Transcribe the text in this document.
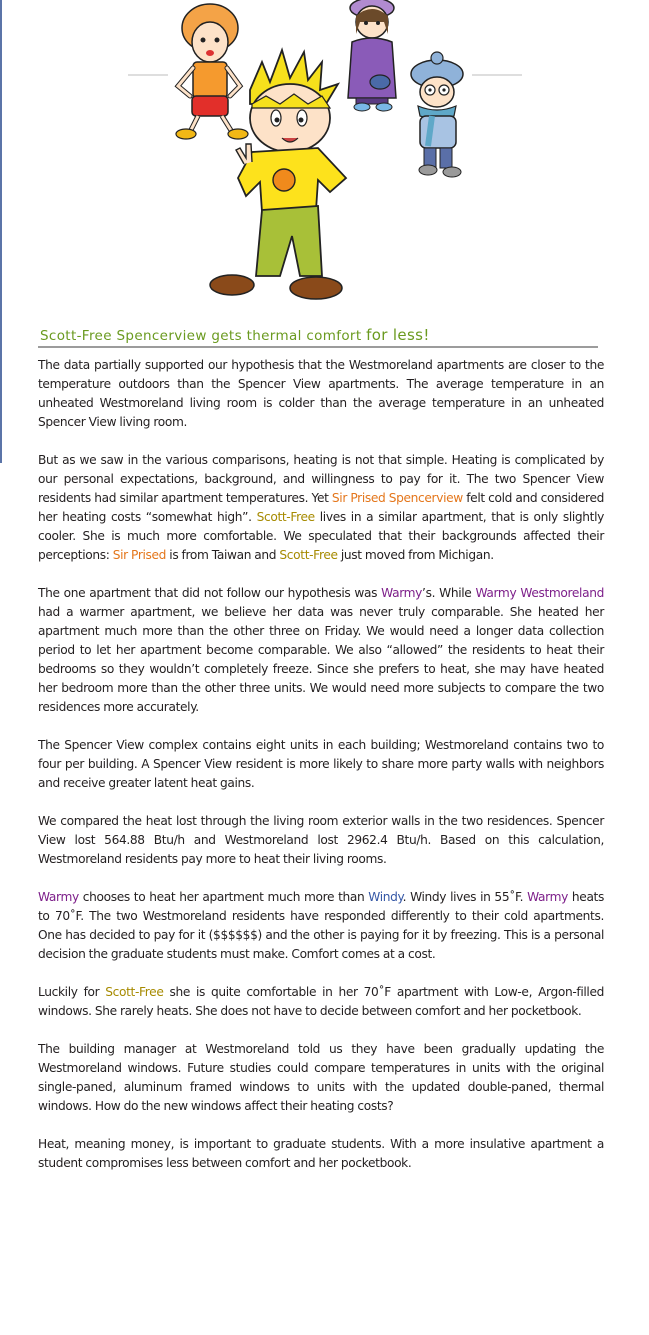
Scott-Free Spencerview gets thermal comfort for less!

The data partially supported our hypothesis that the Westmoreland apartments are closer to the temperature outdoors than the Spencer View apartments. The average temperature in an unheated Westmoreland living room is colder than the average temperature in an unheated Spencer View living room.

But as we saw in the various comparisons, heating is not that simple. Heating is complicated by our personal expectations, background, and willingness to pay for it. The two Spencer View residents had similar apartment temperatures. Yet Sir Prised Spencerview felt cold and considered her heating costs “somewhat high”. Scott-Free lives in a similar apartment, that is only slightly cooler. She is much more comfortable. We speculated that their backgrounds affected their perceptions: Sir Prised is from Taiwan and Scott-Free just moved from Michigan.

The one apartment that did not follow our hypothesis was Warmy’s. While Warmy Westmoreland had a warmer apartment, we believe her data was never truly comparable. She heated her apartment much more than the other three on Friday. We would need a longer data collection period to let her apartment become comparable. We also “allowed” the residents to heat their bedrooms so they wouldn’t completely freeze. Since she prefers to heat, she may have heated her bedroom more than the other three units. We would need more subjects to compare the two residences more accurately.

The Spencer View complex contains eight units in each building; Westmoreland contains two to four per building. A Spencer View resident is more likely to share more party walls with neighbors and receive greater latent heat gains.

We compared the heat lost through the living room exterior walls in the two residences. Spencer View lost 564.88 Btu/h and Westmoreland lost 2962.4 Btu/h. Based on this calculation, Westmoreland residents pay more to heat their living rooms.

Warmy chooses to heat her apartment much more than Windy. Windy lives in 55˚F. Warmy heats to 70˚F. The two Westmoreland residents have responded differently to their cold apartments. One has decided to pay for it ($$$$$$) and the other is paying for it by freezing. This is a personal decision the graduate students must make. Comfort comes at a cost.

Luckily for Scott-Free she is quite comfortable in her 70˚F apartment with Low-e, Argon-filled windows. She rarely heats. She does not have to decide between comfort and her pocketbook.

The building manager at Westmoreland told us they have been gradually updating the Westmoreland windows. Future studies could compare temperatures in units with the original single-paned, aluminum framed windows to units with the updated double-paned, thermal windows. How do the new windows affect their heating costs?

Heat, meaning money, is important to graduate students. With a more insulative apartment a student compromises less between comfort and her pocketbook.
